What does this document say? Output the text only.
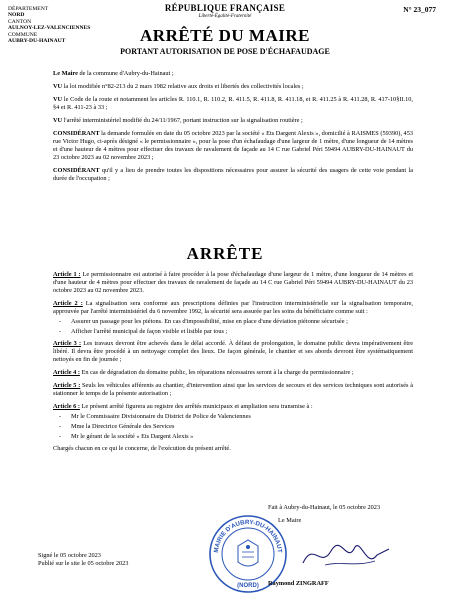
DÉPARTEMENT
NORD
CANTON
AULNOY-LEZ-VALENCIENNES
COMMUNE
AUBRY-DU-HAINAUT
RÉPUBLIQUE FRANÇAISE
Liberté-Égalité-Fraternité
N° 23_077
ARRÊTÉ DU MAIRE
PORTANT AUTORISATION DE POSE D'ÉCHAFAUDAGE

Le Maire de la commune d'Aubry-du-Hainaut ;

VU la loi modifiée n°82-213 du 2 mars 1982 relative aux droits et libertés des collectivités locales ;

VU le Code de la route et notamment les articles R. 110.1, R. 110.2, R. 411.5, R. 411.8, R. 411.18, et R. 411.25 à R. 411.28, R. 417-10§II.10, §4 et R. 411-23 à 33 ;

VU l'arrêté interministériel modifié du 24/11/1967, portant instruction sur la signalisation routière ;

CONSIDÉRANT la demande formulée en date du 05 octobre 2023 par la société « Ets Dargent Alexis », domicilié à RAISMES (59390), 453 rue Victor Hugo, ci-après désigné « le permissionnaire », pour la pose d'un échafaudage d'une largeur de 1 mètre, d'une longueur de 14 mètres et d'une hauteur de 4 mètres pour effectuer des travaux de ravalement de façade au 14 C rue Gabriel Péri 59494 AUBRY-DU-HAINAUT du 23 octobre 2023 au 02 novembre 2023 ;

CONSIDÉRANT qu'il y a lieu de prendre toutes les dispositions nécessaires pour assurer la sécurité des usagers de cette voie pendant la durée de l'occupation ;

ARRÊTE

Article 1 : Le permissionnaire est autorisé à faire procéder à la pose d'échafaudage d'une largeur de 1 mètre, d'une longueur de 14 mètres et d'une hauteur de 4 mètres pour effectuer des travaux de ravalement de façade au 14 C rue Gabriel Péri 59494 AUBRY-DU-HAINAUT du 23 octobre 2023 au 02 novembre 2023.

Article 2 : La signalisation sera conforme aux prescriptions définies par l'instruction interministérielle sur la signalisation temporaire, approuvée par l'arrêté interministériel du 6 novembre 1992, la sécurité sera assurée par les soins du bénéficiaire comme suit :

- Assurer un passage pour les piétons. En cas d'impossibilité, mise en place d'une déviation piétonne sécurisée ;
- Afficher l'arrêté municipal de façon visible et lisible par tous ;

Article 3 : Les travaux devront être achevés dans le délai accordé. À défaut de prolongation, le domaine public devra impérativement être libéré. Il devra être procédé à un nettoyage complet des lieux. De façon générale, le chantier et ses abords devront être systématiquement nettoyés en fin de journée ;

Article 4 : En cas de dégradation du domaine public, les réparations nécessaires seront à la charge du permissionnaire ;

Article 5 : Seuls les véhicules afférents au chantier, d'intervention ainsi que les services de secours et des services techniques sont autorisés à stationner le temps de la présente autorisation ;

Article 6 : Le présent arrêté figurera au registre des arrêtés municipaux et ampliation sera transmise à :

- Mr le Commissaire Divisionnaire du District de Police de Valenciennes
- Mme la Directrice Générale des Services
- Mr le gérant de la société « Ets Dargent Alexis »

Chargés chacun en ce qui le concerne, de l'exécution du présent arrêté.

Fait à Aubry-du-Hainaut, le 05 octobre 2023
Le Maire
MAIRIE D'AUBRY-DU-HAINAUT
(NORD) Raymond ZINGRAFF
Signé le 05 octobre 2023
Publié sur le site le 05 octobre 2023
